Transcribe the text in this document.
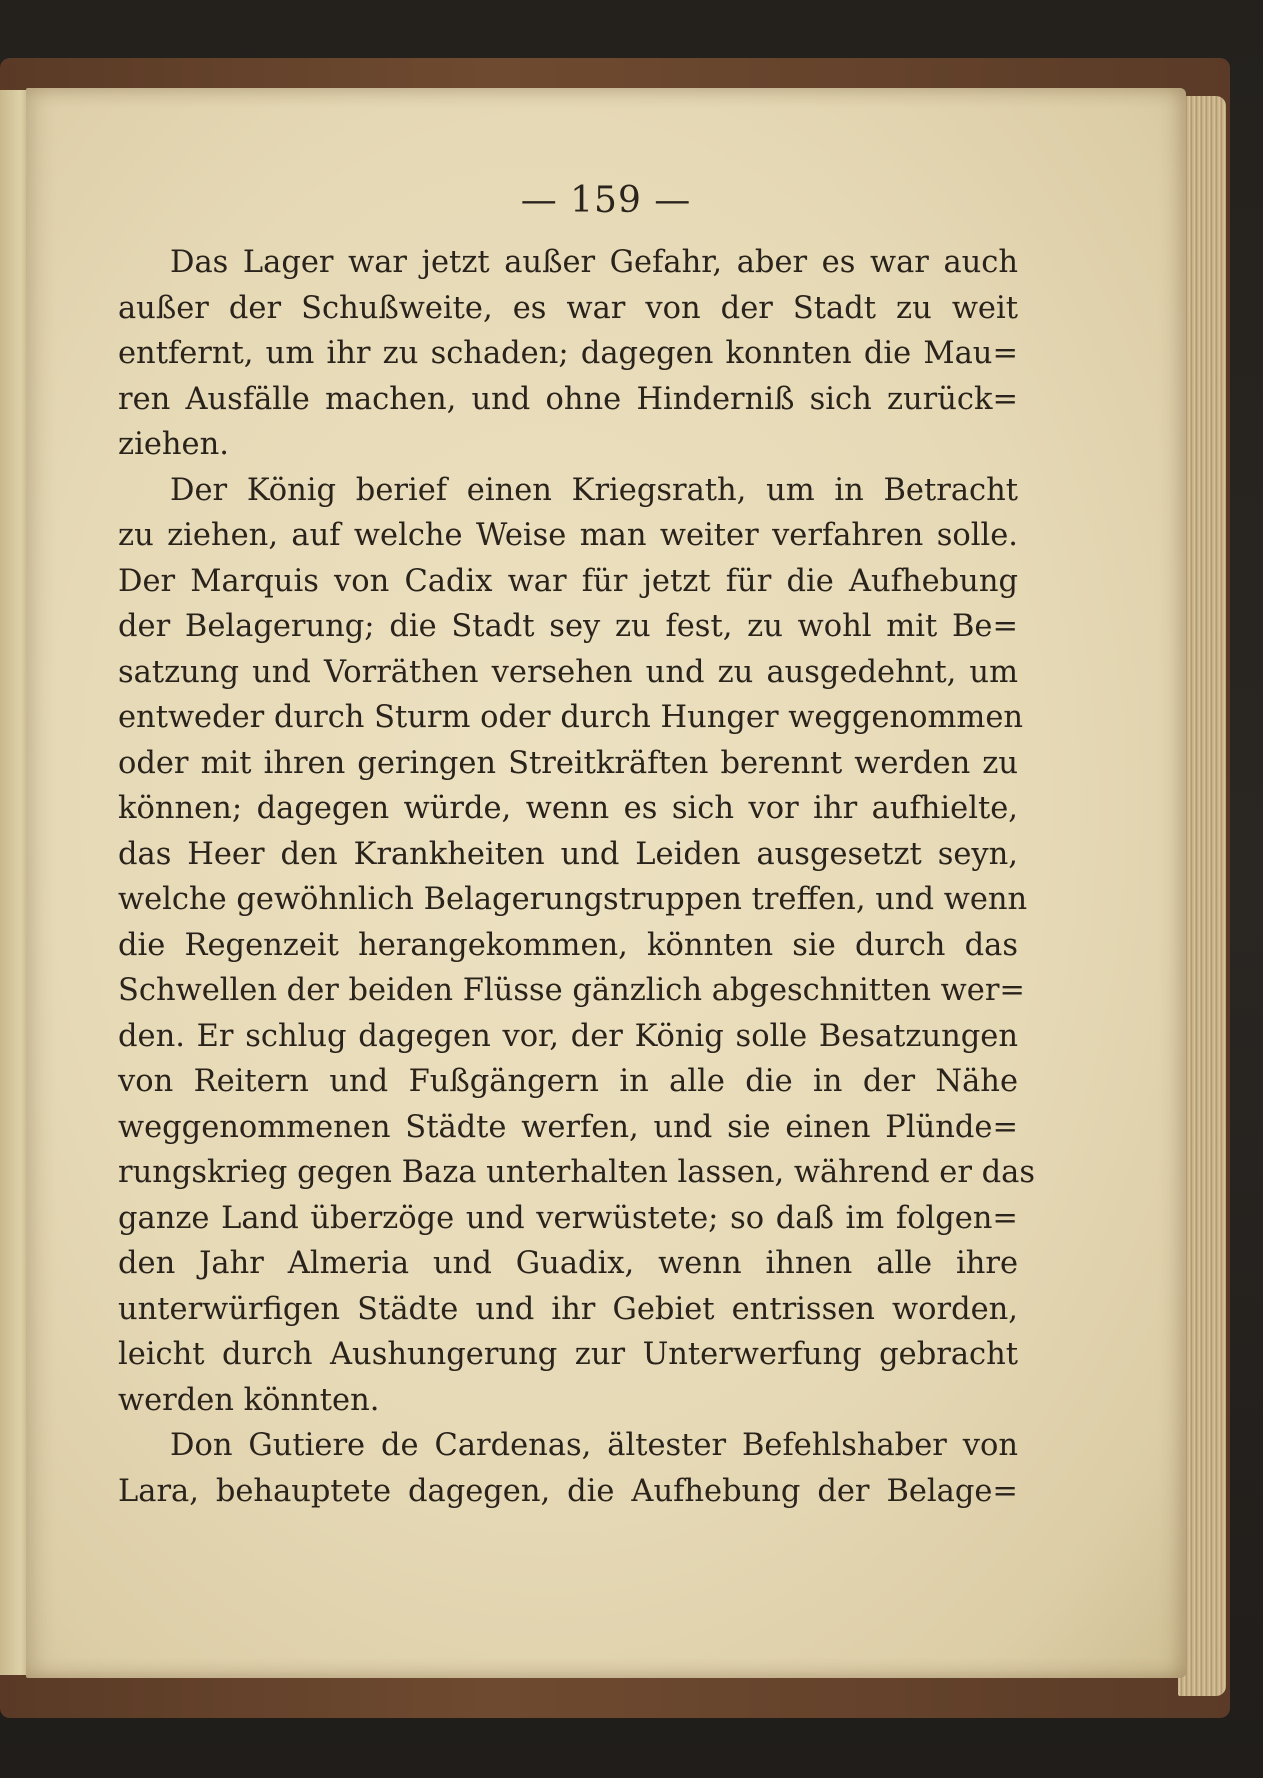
— 159 —
Das Lager war jetzt außer Gefahr, aber es war auch
außer der Schußweite, es war von der Stadt zu weit
entfernt, um ihr zu schaden; dagegen konnten die Mau=
ren Ausfälle machen, und ohne Hinderniß sich zurück=
ziehen.
Der König berief einen Kriegsrath, um in Betracht
zu ziehen, auf welche Weise man weiter verfahren solle.
Der Marquis von Cadix war für jetzt für die Aufhebung
der Belagerung; die Stadt sey zu fest, zu wohl mit Be=
satzung und Vorräthen versehen und zu ausgedehnt, um
entweder durch Sturm oder durch Hunger weggenommen
oder mit ihren geringen Streitkräften berennt werden zu
können; dagegen würde, wenn es sich vor ihr aufhielte,
das Heer den Krankheiten und Leiden ausgesetzt seyn,
welche gewöhnlich Belagerungstruppen treffen, und wenn
die Regenzeit herangekommen, könnten sie durch das
Schwellen der beiden Flüsse gänzlich abgeschnitten wer=
den. Er schlug dagegen vor, der König solle Besatzungen
von Reitern und Fußgängern in alle die in der Nähe
weggenommenen Städte werfen, und sie einen Plünde=
rungskrieg gegen Baza unterhalten lassen, während er das
ganze Land überzöge und verwüstete; so daß im folgen=
den Jahr Almeria und Guadix, wenn ihnen alle ihre
unterwürfigen Städte und ihr Gebiet entrissen worden,
leicht durch Aushungerung zur Unterwerfung gebracht
werden könnten.
Don Gutiere de Cardenas, ältester Befehlshaber von
Lara, behauptete dagegen, die Aufhebung der Belage=
